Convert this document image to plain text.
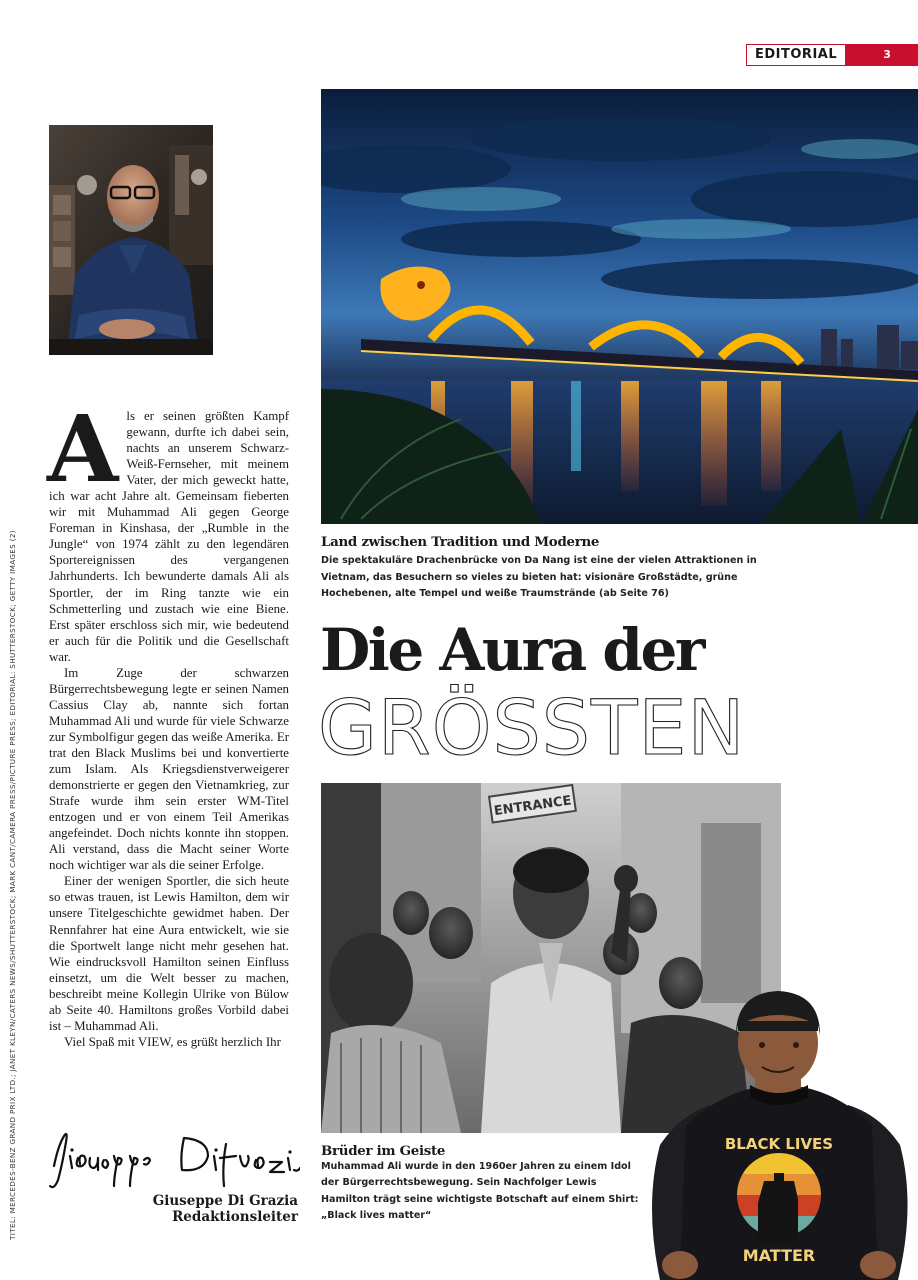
EDITORIAL	3
TITEL: MERCEDES-BENZ GRAND PRIX LTD.; JANET KLEYN/CATERS NEWS/SHUTTERSTOCK; MARK CANT/CAMERA PRESS/PICTURE PRESS; EDITORIAL: SHUTTERSTOCK; GETTY IMAGES (2)

Als er seinen größten Kampf gewann, durfte ich dabei sein, nachts an unserem Schwarz-Weiß-Fernseher, mit meinem Vater, der mich geweckt hatte, ich war acht Jahre alt. Gemeinsam fieberten wir mit Muhammad Ali gegen George Foreman in Kinshasa, der „Rumble in the Jungle“ von 1974 zählt zu den legendären Sportereignissen des vergangenen Jahrhunderts. Ich bewunderte damals Ali als Sportler, der im Ring tanzte wie ein Schmetterling und zustach wie eine Biene. Erst später erschloss sich mir, wie bedeutend er auch für die Politik und die Gesellschaft war.

Im Zuge der schwarzen Bürgerrechtsbewegung legte er seinen Namen Cassius Clay ab, nannte sich fortan Muhammad Ali und wurde für viele Schwarze zur Symbolfigur gegen das weiße Amerika. Er trat den Black Muslims bei und konvertierte zum Islam. Als Kriegsdienstverweigerer demonstrierte er gegen den Vietnamkrieg, zur Strafe wurde ihm sein erster WM-Titel entzogen und er von einem Teil Amerikas angefeindet. Doch nichts konnte ihn stoppen. Ali verstand, dass die Macht seiner Worte noch wichtiger war als die seiner Erfolge.

Einer der wenigen Sportler, die sich heute so etwas trauen, ist Lewis Hamilton, dem wir unsere Titelgeschichte gewidmet haben. Der Rennfahrer hat eine Aura entwickelt, wie sie die Sportwelt lange nicht mehr gesehen hat. Wie eindrucksvoll Hamilton seinen Einfluss einsetzt, um die Welt besser zu machen, beschreibt meine Kollegin Ulrike von Bülow ab Seite 40. Hamiltons großes Vorbild dabei ist – Muhammad Ali.

Viel Spaß mit VIEW, es grüßt herzlich Ihr

Giuseppe Di Grazia
Redaktionsleiter
Land zwischen Tradition und Moderne
Die spektakuläre Drachenbrücke von Da Nang ist eine der vielen Attraktionen in Vietnam, das Besuchern so vieles zu bieten hat: visionäre Großstädte, grüne Hochebenen, alte Tempel und weiße Traumstrände (ab Seite 76)
Die Aura der
GRÖSSTEN
ENTRANCE
BLACK LIVES
MATTER
Brüder im Geiste
Muhammad Ali wurde in den 1960er Jahren zu einem Idol der Bürgerrechtsbewegung. Sein Nachfolger Lewis Hamilton trägt seine wichtigste Botschaft auf einem Shirt: „Black lives matter“
